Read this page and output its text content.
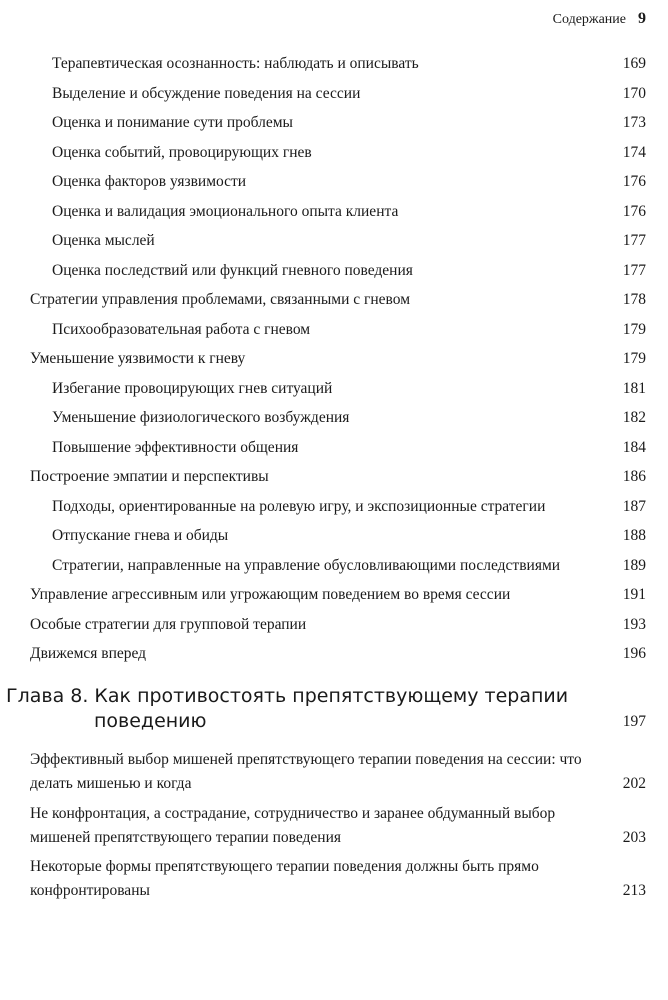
Содержание 9
Терапевтическая осознанность: наблюдать и описывать	169
Выделение и обсуждение поведения на сессии	170
Оценка и понимание сути проблемы	173
Оценка событий, провоцирующих гнев	174
Оценка факторов уязвимости	176
Оценка и валидация эмоционального опыта клиента	176
Оценка мыслей	177
Оценка последствий или функций гневного поведения	177
Стратегии управления проблемами, связанными с гневом	178
Психообразовательная работа с гневом	179
Уменьшение уязвимости к гневу	179
Избегание провоцирующих гнев ситуаций	181
Уменьшение физиологического возбуждения	182
Повышение эффективности общения	184
Построение эмпатии и перспективы	186
Подходы, ориентированные на ролевую игру, и экспозиционные стратегии	187
Отпускание гнева и обиды	188
Стратегии, направленные на управление обусловливающими последствиями	189
Управление агрессивным или угрожающим поведением во время сессии	191
Особые стратегии для групповой терапии	193
Движемся вперед	196
Глава 8. Как противостоять препятствующему терапии
поведению	197
Эффективный выбор мишеней препятствующего терапии поведения на сессии: что делать мишенью и когда	202
Не конфронтация, а сострадание, сотрудничество и заранее обдуманный выбор мишеней препятствующего терапии поведения	203
Некоторые формы препятствующего терапии поведения должны быть прямо конфронтированы	213
